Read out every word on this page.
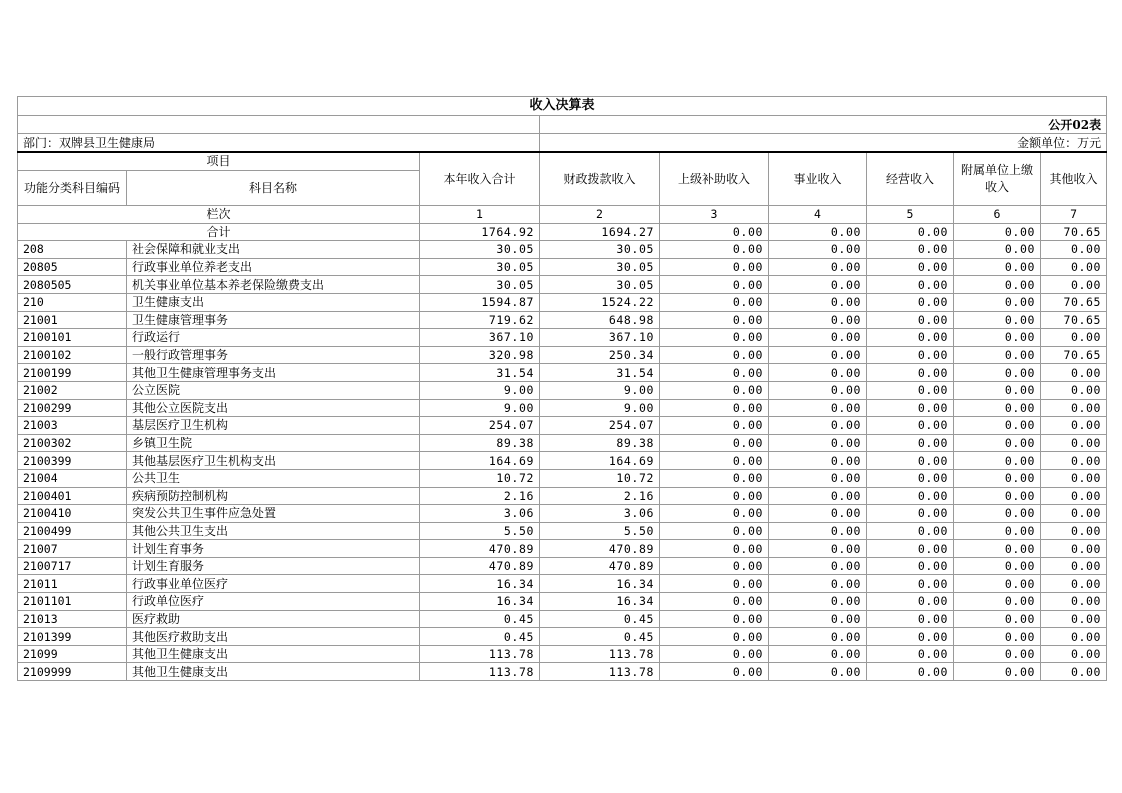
收入决算表								
			公开02表					
部门：双牌县卫生健康局			金额单位：万元					
项目		本年收入合计	财政拨款收入	上级补助收入	事业收入	经营收入	附属单位上缴收入	其他收入
功能分类科目编码	科目名称							
栏次		1	2	3	4	5	6	7
合计		1764.92	1694.27	0.00	0.00	0.00	0.00	70.65
208	社会保障和就业支出	30.05	30.05	0.00	0.00	0.00	0.00	0.00
20805	行政事业单位养老支出	30.05	30.05	0.00	0.00	0.00	0.00	0.00
2080505	机关事业单位基本养老保险缴费支出	30.05	30.05	0.00	0.00	0.00	0.00	0.00
210	卫生健康支出	1594.87	1524.22	0.00	0.00	0.00	0.00	70.65
21001	卫生健康管理事务	719.62	648.98	0.00	0.00	0.00	0.00	70.65
2100101	行政运行	367.10	367.10	0.00	0.00	0.00	0.00	0.00
2100102	一般行政管理事务	320.98	250.34	0.00	0.00	0.00	0.00	70.65
2100199	其他卫生健康管理事务支出	31.54	31.54	0.00	0.00	0.00	0.00	0.00
21002	公立医院	9.00	9.00	0.00	0.00	0.00	0.00	0.00
2100299	其他公立医院支出	9.00	9.00	0.00	0.00	0.00	0.00	0.00
21003	基层医疗卫生机构	254.07	254.07	0.00	0.00	0.00	0.00	0.00
2100302	乡镇卫生院	89.38	89.38	0.00	0.00	0.00	0.00	0.00
2100399	其他基层医疗卫生机构支出	164.69	164.69	0.00	0.00	0.00	0.00	0.00
21004	公共卫生	10.72	10.72	0.00	0.00	0.00	0.00	0.00
2100401	疾病预防控制机构	2.16	2.16	0.00	0.00	0.00	0.00	0.00
2100410	突发公共卫生事件应急处置	3.06	3.06	0.00	0.00	0.00	0.00	0.00
2100499	其他公共卫生支出	5.50	5.50	0.00	0.00	0.00	0.00	0.00
21007	计划生育事务	470.89	470.89	0.00	0.00	0.00	0.00	0.00
2100717	计划生育服务	470.89	470.89	0.00	0.00	0.00	0.00	0.00
21011	行政事业单位医疗	16.34	16.34	0.00	0.00	0.00	0.00	0.00
2101101	行政单位医疗	16.34	16.34	0.00	0.00	0.00	0.00	0.00
21013	医疗救助	0.45	0.45	0.00	0.00	0.00	0.00	0.00
2101399	其他医疗救助支出	0.45	0.45	0.00	0.00	0.00	0.00	0.00
21099	其他卫生健康支出	113.78	113.78	0.00	0.00	0.00	0.00	0.00
2109999	其他卫生健康支出	113.78	113.78	0.00	0.00	0.00	0.00	0.00
